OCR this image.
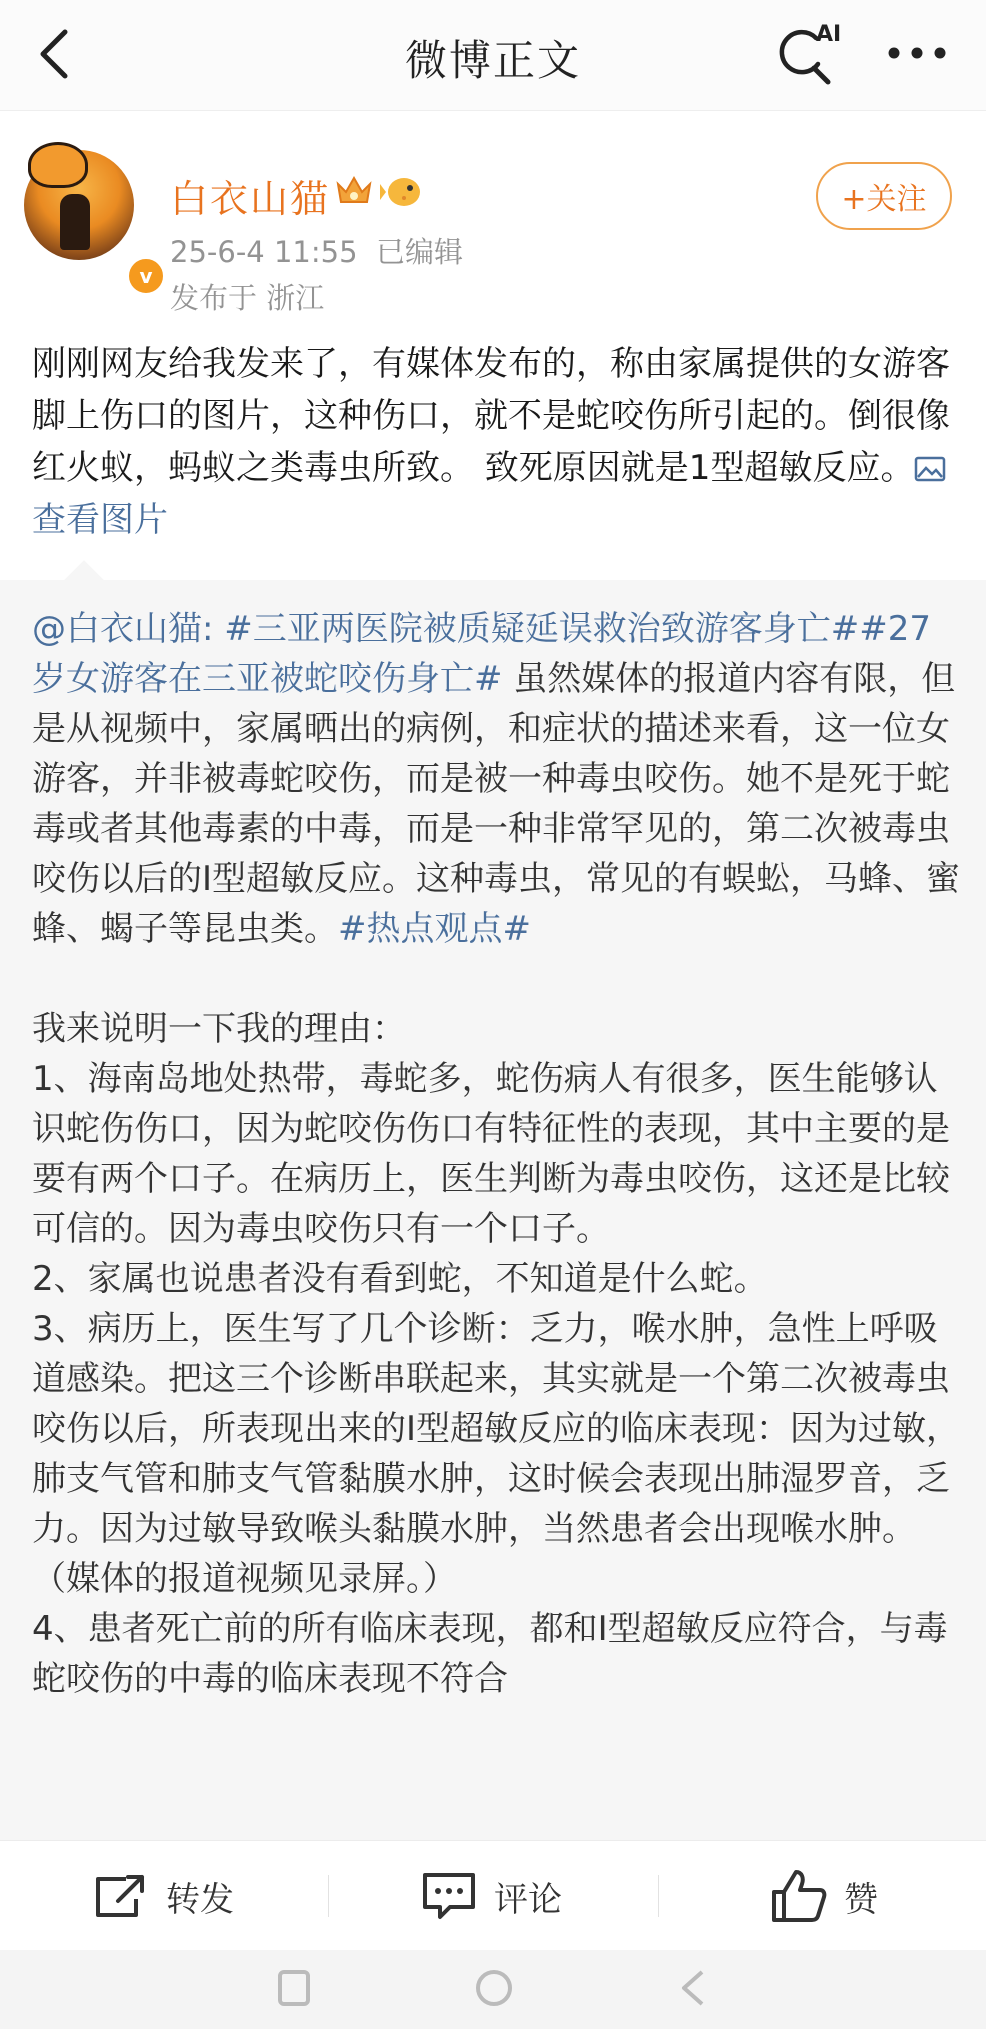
微博正文
AI
v
白衣山猫
25-6-4 11:55 已编辑
发布于 浙江
+关注
刚刚网友给我发来了，有媒体发布的，称由家属提供的女游客脚上伤口的图片，这种伤口，就不是蛇咬伤所引起的。倒很像红火蚁，蚂蚁之类毒虫所致。 致死原因就是1型超敏反应。查看图片
@白衣山猫: #三亚两医院被质疑延误救治致游客身亡##27岁女游客在三亚被蛇咬伤身亡# 虽然媒体的报道内容有限，但是从视频中，家属晒出的病例，和症状的描述来看，这一位女游客，并非被毒蛇咬伤，而是被一种毒虫咬伤。她不是死于蛇毒或者其他毒素的中毒，而是一种非常罕见的，第二次被毒虫咬伤以后的I型超敏反应。这种毒虫，常见的有蜈蚣，马蜂、蜜蜂、蝎子等昆虫类。#热点观点#

我来说明一下我的理由：
1、海南岛地处热带，毒蛇多，蛇伤病人有很多，医生能够认识蛇伤伤口，因为蛇咬伤伤口有特征性的表现，其中主要的是要有两个口子。在病历上，医生判断为毒虫咬伤，这还是比较可信的。因为毒虫咬伤只有一个口子。
2、家属也说患者没有看到蛇，不知道是什么蛇。
3、病历上，医生写了几个诊断：乏力，喉水肿，急性上呼吸道感染。把这三个诊断串联起来，其实就是一个第二次被毒虫咬伤以后，所表现出来的I型超敏反应的临床表现：因为过敏，肺支气管和肺支气管黏膜水肿，这时候会表现出肺湿罗音，乏力。因为过敏导致喉头黏膜水肿，当然患者会出现喉水肿。（媒体的报道视频见录屏。）
4、患者死亡前的所有临床表现，都和I型超敏反应符合，与毒蛇咬伤的中毒的临床表现不符合
转发	评论	赞
